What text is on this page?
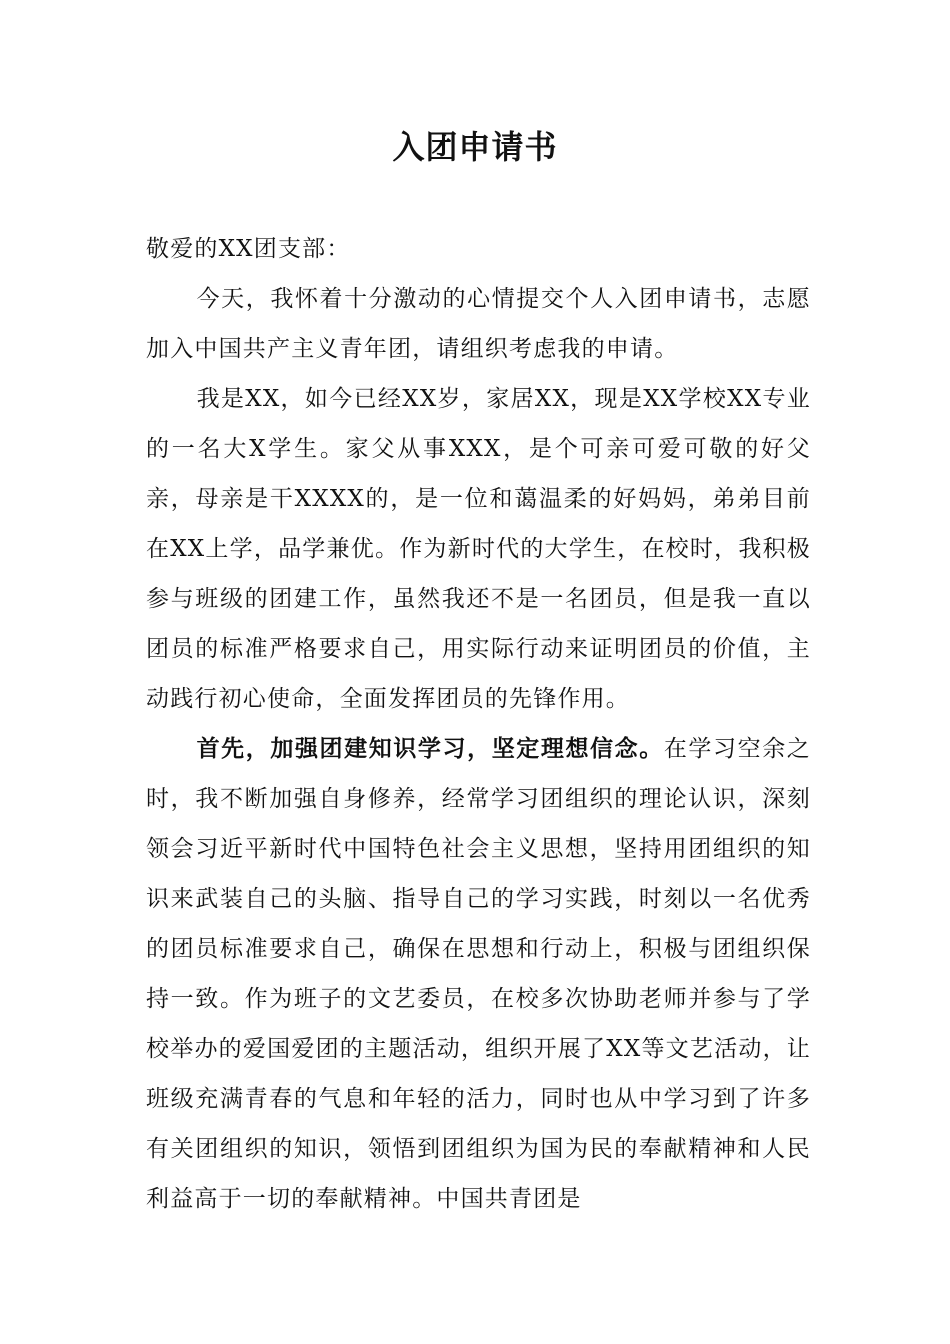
入团申请书

敬爱的XX团支部：

今天，我怀着十分激动的心情提交个人入团申请书，志愿加入中国共产主义青年团，请组织考虑我的申请。

我是XX，如今已经XX岁，家居XX，现是XX学校XX专业的一名大X学生。家父从事XXX，是个可亲可爱可敬的好父亲，母亲是干XXXX的，是一位和蔼温柔的好妈妈，弟弟目前在XX上学，品学兼优。作为新时代的大学生，在校时，我积极参与班级的团建工作，虽然我还不是一名团员，但是我一直以团员的标准严格要求自己，用实际行动来证明团员的价值，主动践行初心使命，全面发挥团员的先锋作用。

首先，加强团建知识学习，坚定理想信念。在学习空余之时，我不断加强自身修养，经常学习团组织的理论认识，深刻领会习近平新时代中国特色社会主义思想，坚持用团组织的知识来武装自己的头脑、指导自己的学习实践，时刻以一名优秀的团员标准要求自己，确保在思想和行动上，积极与团组织保持一致。作为班子的文艺委员，在校多次协助老师并参与了学校举办的爱国爱团的主题活动，组织开展了XX等文艺活动，让班级充满青春的气息和年轻的活力，同时也从中学习到了许多有关团组织的知识，领悟到团组织为国为民的奉献精神和人民利益高于一切的奉献精神。中国共青团是
